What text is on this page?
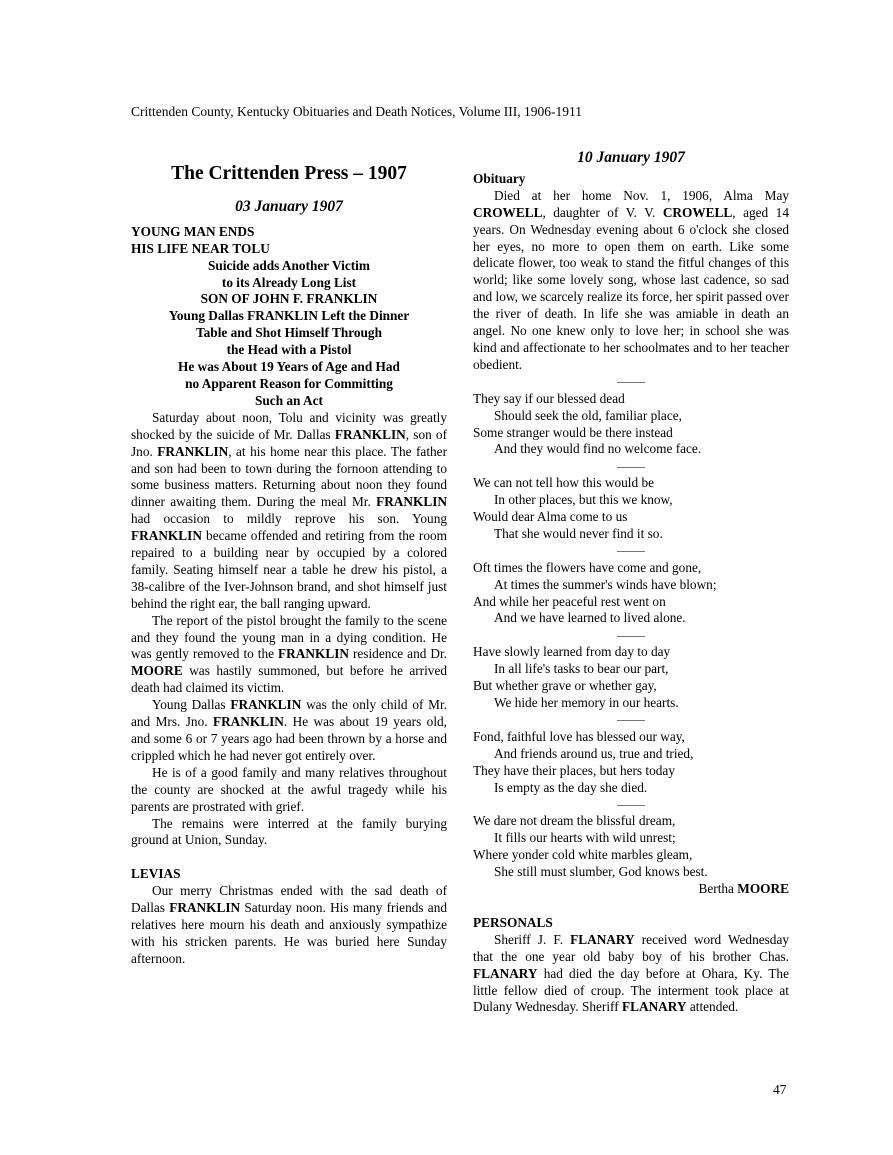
Crittenden County, Kentucky Obituaries and Death Notices, Volume III, 1906-1911
The Crittenden Press – 1907
03 January 1907
YOUNG MAN ENDS
HIS LIFE NEAR TOLU
Suicide adds Another Victim
to its Already Long List
SON OF JOHN F. FRANKLIN
Young Dallas FRANKLIN Left the Dinner
Table and Shot Himself Through
the Head with a Pistol
He was About 19 Years of Age and Had
no Apparent Reason for Committing
Such an Act

Saturday about noon, Tolu and vicinity was greatly shocked by the suicide of Mr. Dallas FRANKLIN, son of Jno. FRANKLIN, at his home near this place. The father and son had been to town during the fornoon attending to some business matters. Returning about noon they found dinner awaiting them. During the meal Mr. FRANKLIN had occasion to mildly reprove his son. Young FRANKLIN became offended and retiring from the room repaired to a building near by occupied by a colored family. Seating himself near a table he drew his pistol, a 38-calibre of the Iver-Johnson brand, and shot himself just behind the right ear, the ball ranging upward.

The report of the pistol brought the family to the scene and they found the young man in a dying condition. He was gently removed to the FRANKLIN residence and Dr. MOORE was hastily summoned, but before he arrived death had claimed its victim.

Young Dallas FRANKLIN was the only child of Mr. and Mrs. Jno. FRANKLIN. He was about 19 years old, and some 6 or 7 years ago had been thrown by a horse and crippled which he had never got entirely over.

He is of a good family and many relatives throughout the county are shocked at the awful tragedy while his parents are prostrated with grief.

The remains were interred at the family burying ground at Union, Sunday.

LEVIAS

Our merry Christmas ended with the sad death of Dallas FRANKLIN Saturday noon. His many friends and relatives here mourn his death and anxiously sympathize with his stricken parents. He was buried here Sunday afternoon.

10 January 1907
Obituary

Died at her home Nov. 1, 1906, Alma May CROWELL, daughter of V. V. CROWELL, aged 14 years. On Wednesday evening about 6 o'clock she closed her eyes, no more to open them on earth. Like some delicate flower, too weak to stand the fitful changes of this world; like some lovely song, whose last cadence, so sad and low, we scarcely realize its force, her spirit passed over the river of death. In life she was amiable in death an angel. No one knew only to love her; in school she was kind and affectionate to her schoolmates and to her teacher obedient.

They say if our blessed dead
Should seek the old, familiar place,
Some stranger would be there instead
And they would find no welcome face.
We can not tell how this would be
In other places, but this we know,
Would dear Alma come to us
That she would never find it so.
Oft times the flowers have come and gone,
At times the summer's winds have blown;
And while her peaceful rest went on
And we have learned to lived alone.
Have slowly learned from day to day
In all life's tasks to bear our part,
But whether grave or whether gay,
We hide her memory in our hearts.
Fond, faithful love has blessed our way,
And friends around us, true and tried,
They have their places, but hers today
Is empty as the day she died.
We dare not dream the blissful dream,
It fills our hearts with wild unrest;
Where yonder cold white marbles gleam,
She still must slumber, God knows best.
Bertha MOORE
PERSONALS

Sheriff J. F. FLANARY received word Wednesday that the one year old baby boy of his brother Chas. FLANARY had died the day before at Ohara, Ky. The little fellow died of croup. The interment took place at Dulany Wednesday. Sheriff FLANARY attended.

47
